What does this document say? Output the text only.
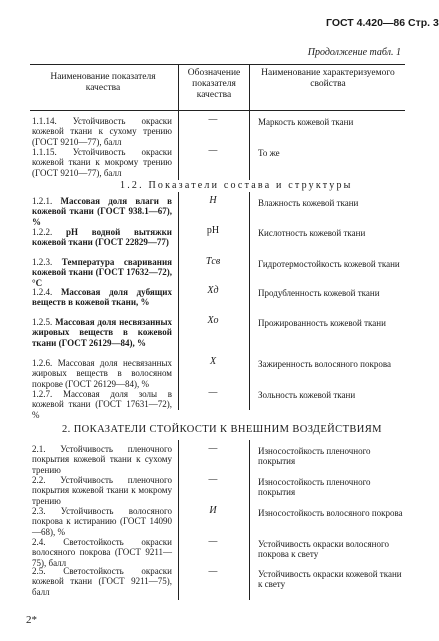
ГОСТ 4.420—86 Стр. 3
Продолжение табл. 1
Наименование показателя качества
Обозначение показателя качества
Наименование характеризуемого свойства
1.1.14. Устойчивость окраски кожевой ткани к сухому трению (ГОСТ 9210—77), балл
—	Маркость кожевой ткани
1.1.15. Устойчивость окраски кожевой ткани к мокрому трению (ГОСТ 9210—77), балл
—	То же
1.2. Показатели состава и структуры
1.2.1. Массовая доля влаги в кожевой ткани (ГОСТ 938.1—67), %
H	Влажность кожевой ткани
1.2.2. pH водной вытяжки кожевой ткани (ГОСТ 22829—77)
pH	Кислотность кожевой ткани
1.2.3. Температура сваривания кожевой ткани (ГОСТ 17632—72), °С
Tсв	Гидротермостойкость кожевой ткани
1.2.4. Массовая доля дубящих веществ в кожевой ткани, %
Xд	Продубленность кожевой ткани
1.2.5. Массовая доля несвязанных жировых веществ в кожевой ткани (ГОСТ 26129—84), %
Xо	Прожированность кожевой ткани
1.2.6. Массовая доля несвязанных жировых веществ в волосяном покрове (ГОСТ 26129—84), %
X	Зажиренность волосяного покрова
1.2.7. Массовая доля золы в кожевой ткани (ГОСТ 17631—72), %
—	Зольность кожевой ткани
2. ПОКАЗАТЕЛИ СТОЙКОСТИ К ВНЕШНИМ ВОЗДЕЙСТВИЯМ
2.1. Устойчивость пленочного покрытия кожевой ткани к сухому трению
—	Износостойкость пленочного покрытия
2.2. Устойчивость пленочного покрытия кожевой ткани к мокрому трению
—	Износостойкость пленочного покрытия
2.3. Устойчивость волосяного покрова к истиранию (ГОСТ 14090—68), %
И	Износостойкость волосяного покрова
2.4. Светостойкость окраски волосяного покрова (ГОСТ 9211—75), балл
—	Устойчивость окраски волосяного покрова к свету
2.5. Светостойкость окраски кожевой ткани (ГОСТ 9211—75), балл
—	Устойчивость окраски кожевой ткани к свету
2*
